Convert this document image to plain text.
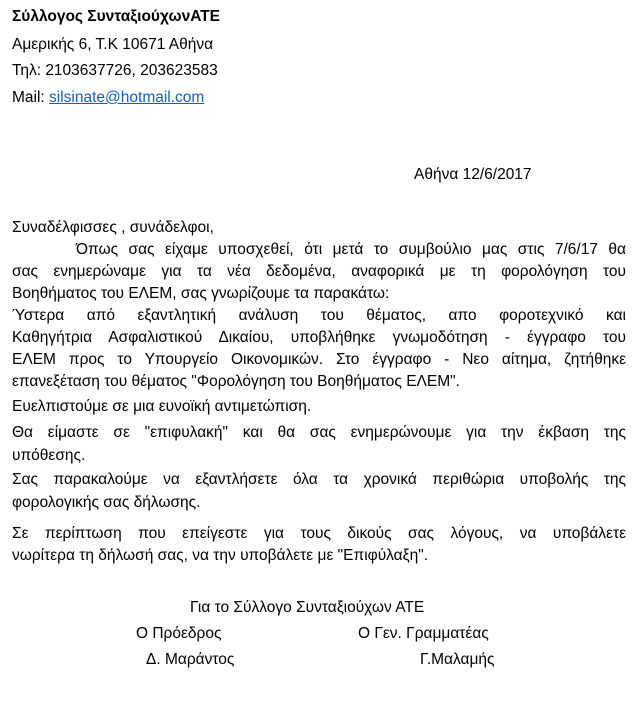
Σύλλογος ΣυνταξιούχωνΑΤΕ
Αμερικής 6, Τ.Κ 10671 Αθήνα
Τηλ: 2103637726, 203623583
Mail: silsinate@hotmail.com
Αθήνα 12/6/2017
Συναδέλφισσες , συνάδελφοι,
Όπως σας είχαμε υποσχεθεί, ότι μετά το συμβούλιο μας στις 7/6/17 θα
σας ενημερώναμε για τα νέα δεδομένα, αναφορικά με τη φορολόγηση του
Βοηθήματος του ΕΛΕΜ, σας γνωρίζουμε τα παρακάτω:
Ύστερα από εξαντλητική ανάλυση του θέματος, απο φοροτεχνικό και
Καθηγήτρια Ασφαλιστικού Δικαίου, υποβλήθηκε γνωμοδότηση - έγγραφο του
ΕΛΕΜ προς το Υπουργείο Οικονομικών. Στο έγγραφο - Νεο αίτημα, ζητήθηκε
επανεξέταση του θέματος "Φορολόγηση του Βοηθήματος ΕΛΕΜ".
Ευελπιστούμε σε μια ευνοϊκή αντιμετώπιση.
Θα είμαστε σε "επιφυλακή" και θα σας ενημερώνουμε για την έκβαση της
υπόθεσης.
Σας παρακαλούμε να εξαντλήσετε όλα τα χρονικά περιθώρια υποβολής της
φορολογικής σας δήλωσης.
Σε περίπτωση που επείγεστε για τους δικούς σας λόγους, να υποβάλετε
νωρίτερα τη δήλωσή σας, να την υποβάλετε με "Επιφύλαξη".
Για το Σύλλογο Συνταξιούχων ΑΤΕ
Ο Πρόεδρος	Ο Γεν. Γραμματέας
Δ. Μαράντος	Γ.Μαλαμής
